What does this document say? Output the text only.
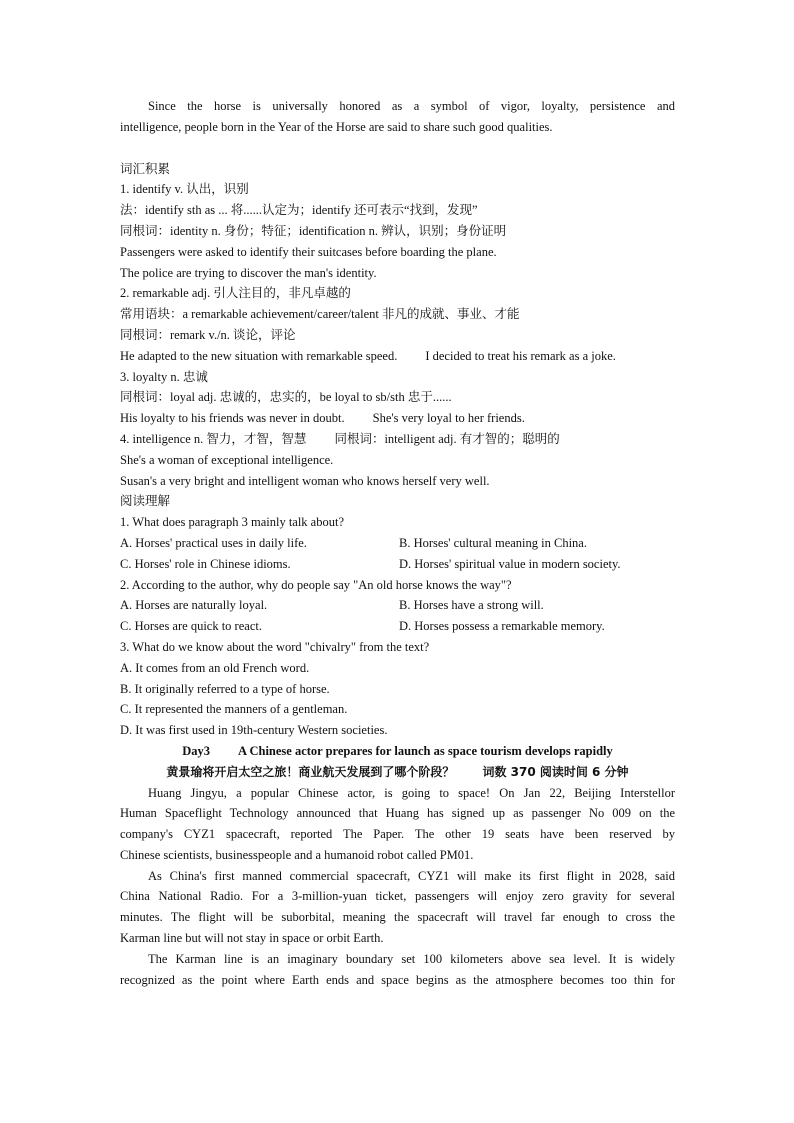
Since the horse is universally honored as a symbol of vigor, loyalty, persistence and
intelligence, people born in the Year of the Horse are said to share such good qualities.
词汇积累
1. identify v. 认出，识别
法：identify sth as ... 将......认定为；identify 还可表示“找到，发现”
同根词：identity n. 身份；特征；identification n. 辨认，识别；身份证明
Passengers were asked to identify their suitcases before boarding the plane.
The police are trying to discover the man's identity.
2. remarkable adj. 引人注目的，非凡卓越的
常用语块：a remarkable achievement/career/talent 非凡的成就、事业、才能
同根词：remark v./n. 谈论，评论
He adapted to the new situation with remarkable speed. I decided to treat his remark as a joke.
3. loyalty n. 忠诚
同根词：loyal adj. 忠诚的，忠实的，be loyal to sb/sth 忠于......
His loyalty to his friends was never in doubt. She's very loyal to her friends.
4. intelligence n. 智力，才智，智慧 同根词：intelligent adj. 有才智的；聪明的
She's a woman of exceptional intelligence.
Susan's a very bright and intelligent woman who knows herself very well.
阅读理解
1. What does paragraph 3 mainly talk about?
A. Horses' practical uses in daily life.	B. Horses' cultural meaning in China.
C. Horses' role in Chinese idioms.	D. Horses' spiritual value in modern society.
2. According to the author, why do people say "An old horse knows the way"?
A. Horses are naturally loyal.	B. Horses have a strong will.
C. Horses are quick to react.	D. Horses possess a remarkable memory.
3. What do we know about the word "chivalry" from the text?
A. It comes from an old French word.
B. It originally referred to a type of horse.
C. It represented the manners of a gentleman.
D. It was first used in 19th-century Western societies.
Day3 A Chinese actor prepares for launch as space tourism develops rapidly
黄景瑜将开启太空之旅！商业航天发展到了哪个阶段？ 词数 370 阅读时间 6 分钟
Huang Jingyu, a popular Chinese actor, is going to space! On Jan 22, Beijing Interstellor
Human Spaceflight Technology announced that Huang has signed up as passenger No 009 on the
company's CYZ1 spacecraft, reported The Paper. The other 19 seats have been reserved by
Chinese scientists, businesspeople and a humanoid robot called PM01.
As China's first manned commercial spacecraft, CYZ1 will make its first flight in 2028, said
China National Radio. For a 3-million-yuan ticket, passengers will enjoy zero gravity for several
minutes. The flight will be suborbital, meaning the spacecraft will travel far enough to cross the
Karman line but will not stay in space or orbit Earth.
The Karman line is an imaginary boundary set 100 kilometers above sea level. It is widely
recognized as the point where Earth ends and space begins as the atmosphere becomes too thin for
